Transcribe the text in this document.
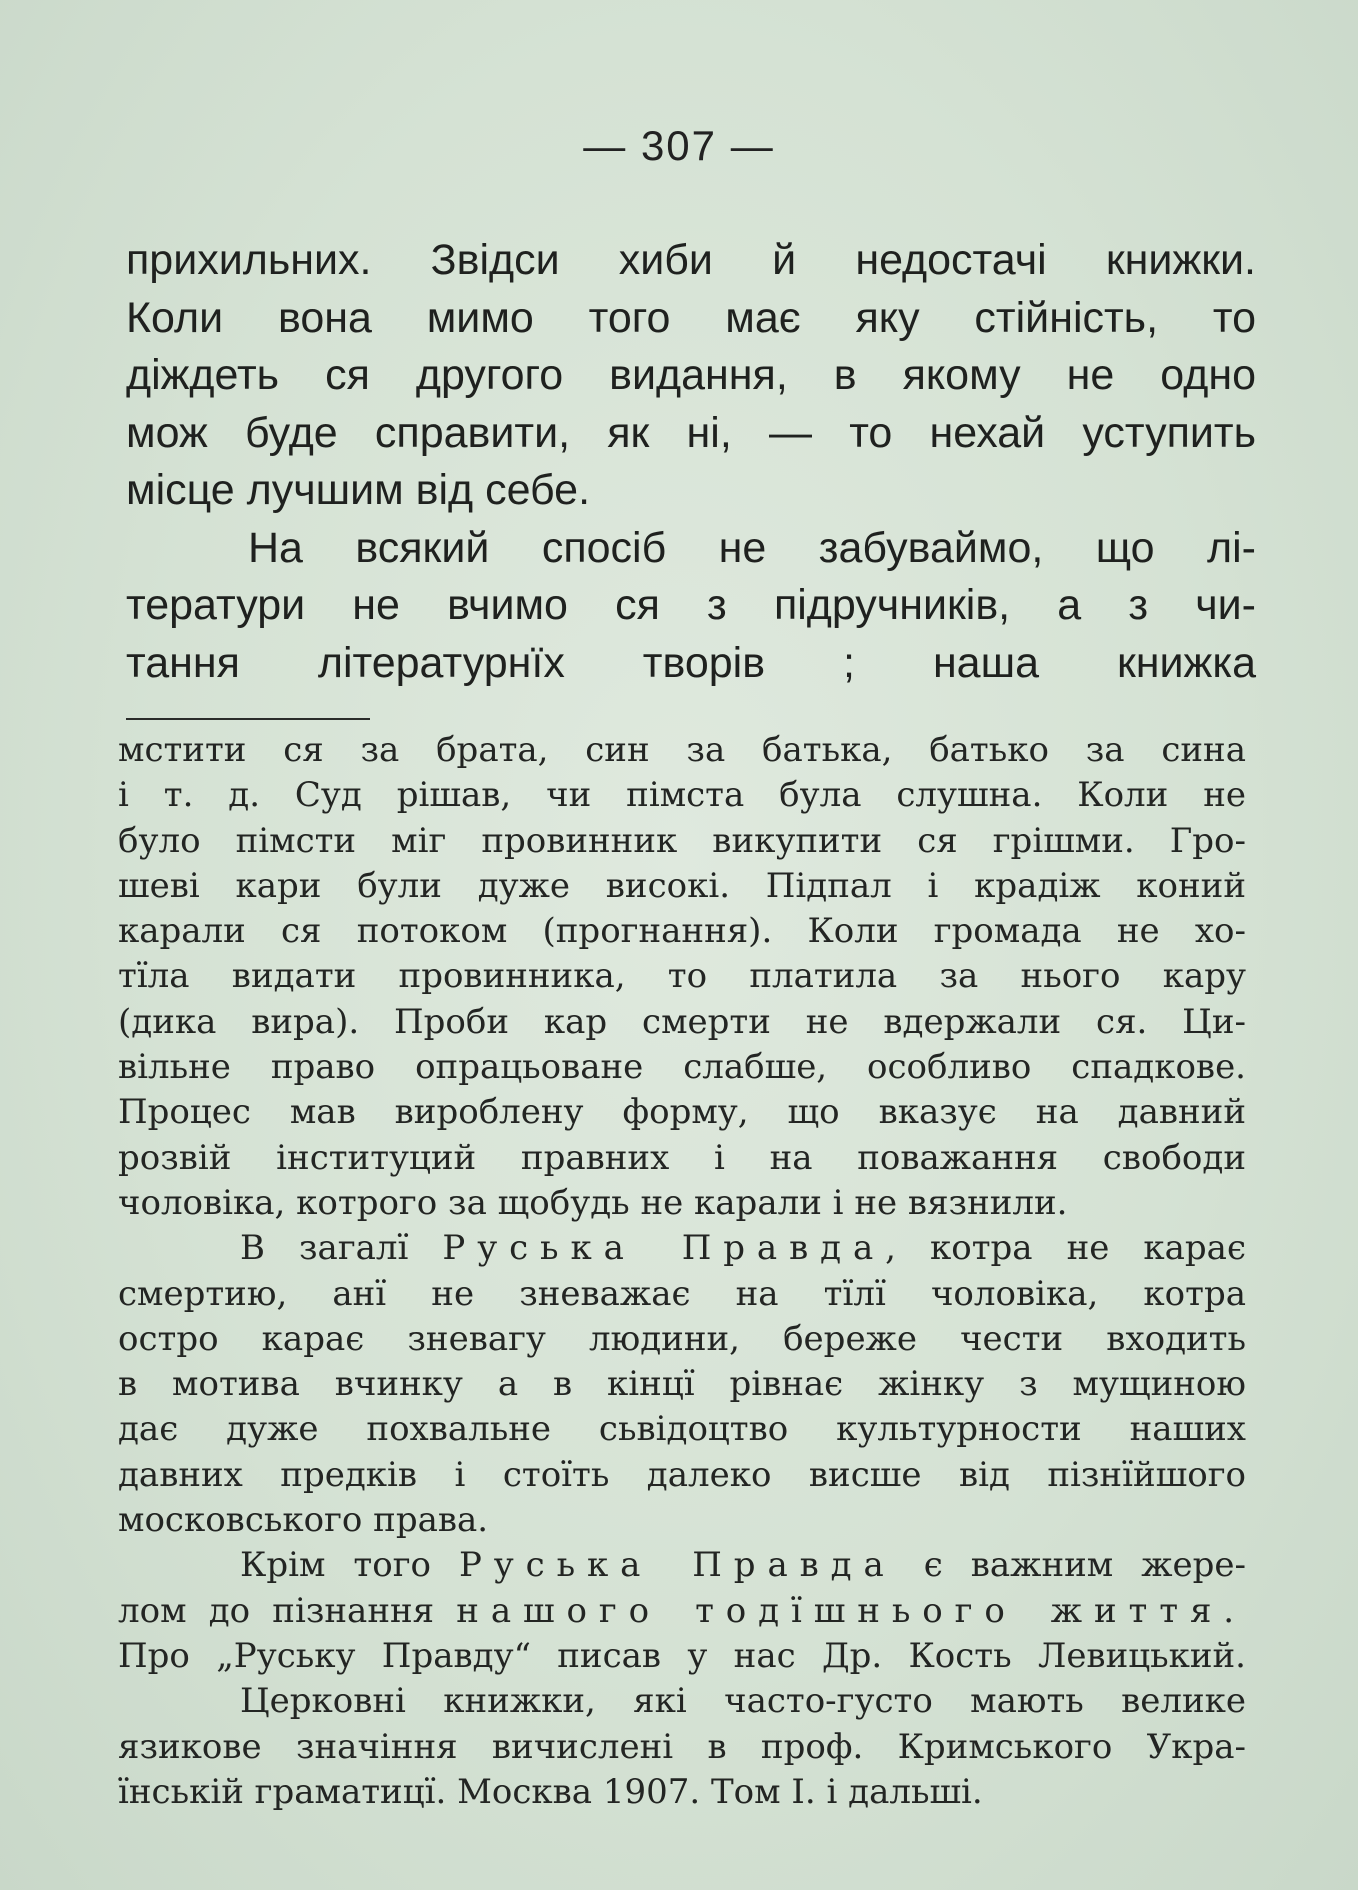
— 307 —
прихильних. Звідси хиби й недостачі книжки.
Коли вона мимо того має яку стійність, то
діждеть ся другого видання, в якому не одно
мож буде справити, як ні, — то нехай уступить
місце лучшим від себе.
На всякий спосіб не забуваймо, що лі-
тератури не вчимо ся з підручників, а з чи-
тання літературнїх творів ; наша книжка
мстити ся за брата, син за батька, батько за сина
і т. д. Суд рішав, чи пімста була слушна. Коли не
було пімсти міг провинник викупити ся грішми. Гро-
шеві кари були дуже високі. Підпал і крадіж коний
карали ся потоком (прогнання). Коли громада не хо-
тїла видати провинника, то платила за нього кару
(дика вира). Проби кар смерти не вдержали ся. Ци-
вільне право опрацьоване слабше, особливо спадкове.
Процес мав вироблену форму, що вказує на давний
розвій інституций правних і на поважання свободи
чоловіка, котрого за щобудь не карали і не вязнили.
В загалї Руська Правда, котра не карає
смертию, анї не зневажає на тїлї чоловіка, котра
остро карає зневагу людини, береже чести входить
в мотива вчинку а в кінцї рівнає жінку з мущиною
дає дуже похвальне сьвідоцтво культурности наших
давних предків і стоїть далеко висше від пізнїйшого
московського права.
Крім того Руська Правда є важним жере-
лом до пізнання нашого тодїшнього життя.
Про „Руську Правду“ писав у нас Др. Кость Левицький.
Церковні книжки, які часто-густо мають велике
язикове значіння вичислені в проф. Кримського Укра-
їнській граматицї. Москва 1907. Том І. і дальші.
